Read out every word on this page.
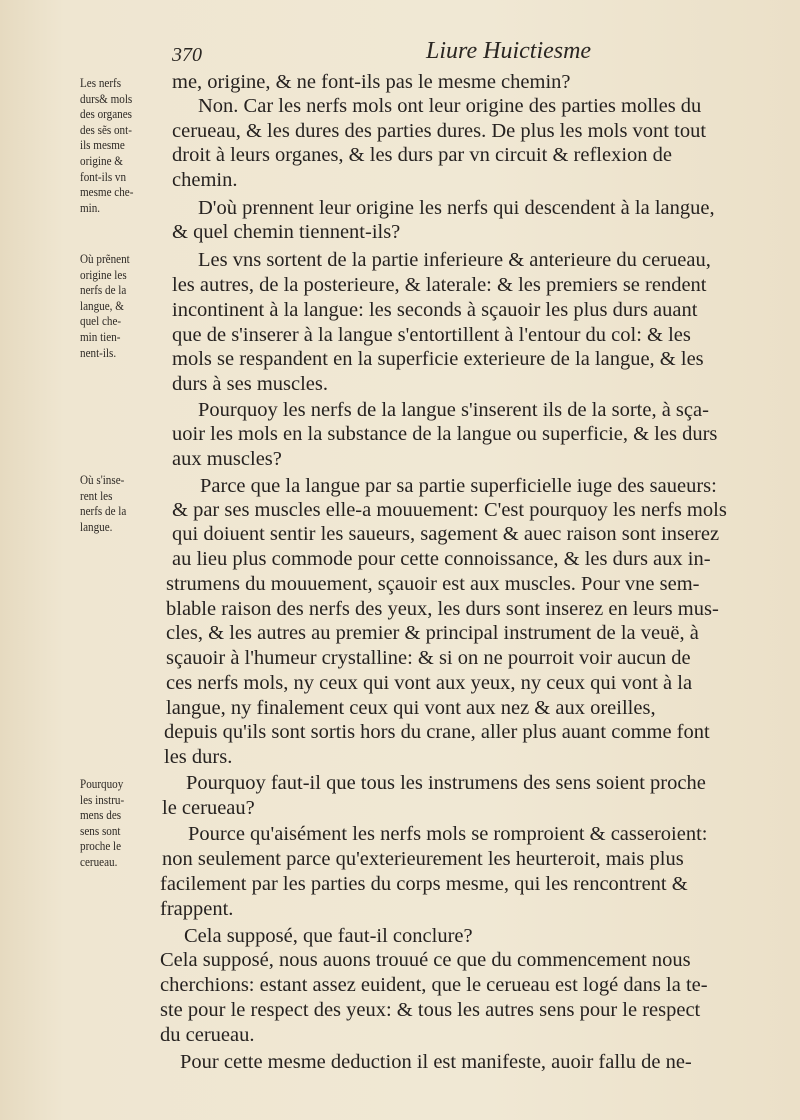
370	Liure Huictiesme
Les nerfs
durs& mols
des organes
des sẽs ont-
ils mesme
origine &
font-ils vn
mesme che-
min.
Où prẽnent
origine les
nerfs de la
langue, &
quel che-
min tien-
nent-ils.
Où s'inse-
rent les
nerfs de la
langue.
Pourquoy
les instru-
mens des
sens sont
proche le
cerueau.
me, origine, & ne font-ils pas le mesme chemin?
Non. Car les nerfs mols ont leur origine des parties molles du
cerueau, & les dures des parties dures. De plus les mols vont tout
droit à leurs organes, & les durs par vn circuit & reflexion de
chemin.
D'où prennent leur origine les nerfs qui descendent à la langue,
& quel chemin tiennent-ils?
Les vns sortent de la partie inferieure & anterieure du cerueau,
les autres, de la posterieure, & laterale: & les premiers se rendent
incontinent à la langue: les seconds à sçauoir les plus durs auant
que de s'inserer à la langue s'entortillent à l'entour du col: & les
mols se respandent en la superficie exterieure de la langue, & les
durs à ses muscles.
Pourquoy les nerfs de la langue s'inserent ils de la sorte, à sça-
uoir les mols en la substance de la langue ou superficie, & les durs
aux muscles?
Parce que la langue par sa partie superficielle iuge des saueurs:
& par ses muscles elle-a mouuement: C'est pourquoy les nerfs mols
qui doiuent sentir les saueurs, sagement & auec raison sont inserez
au lieu plus commode pour cette connoissance, & les durs aux in-
strumens du mouuement, sçauoir est aux muscles. Pour vne sem-
blable raison des nerfs des yeux, les durs sont inserez en leurs mus-
cles, & les autres au premier & principal instrument de la veuë, à
sçauoir à l'humeur crystalline: & si on ne pourroit voir aucun de
ces nerfs mols, ny ceux qui vont aux yeux, ny ceux qui vont à la
langue, ny finalement ceux qui vont aux nez & aux oreilles,
depuis qu'ils sont sortis hors du crane, aller plus auant comme font
les durs.
Pourquoy faut-il que tous les instrumens des sens soient proche
le cerueau?
Pource qu'aisément les nerfs mols se romproient & casseroient:
non seulement parce qu'exterieurement les heurteroit, mais plus
facilement par les parties du corps mesme, qui les rencontrent &
frappent.
Cela supposé, que faut-il conclure?
Cela supposé, nous auons trouué ce que du commencement nous
cherchions: estant assez euident, que le cerueau est logé dans la te-
ste pour le respect des yeux: & tous les autres sens pour le respect
du cerueau.
Pour cette mesme deduction il est manifeste, auoir fallu de ne-
